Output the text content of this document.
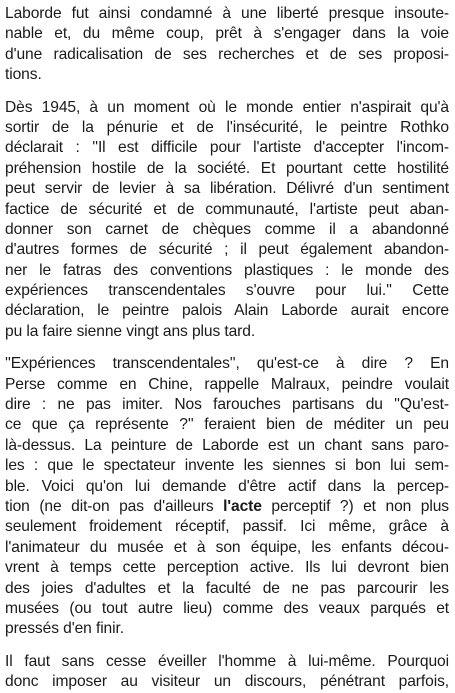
Laborde fut ainsi condamné à une liberté presque insoute-
nable et, du même coup, prêt à s'engager dans la voie
d'une radicalisation de ses recherches et de ses proposi-
tions.

Dès 1945, à un moment où le monde entier n'aspirait qu'à
sortir de la pénurie et de l'insécurité, le peintre Rothko
déclarait : ''Il est difficile pour l'artiste d'accepter l'incom-
préhension hostile de la société. Et pourtant cette hostilité
peut servir de levier à sa libération. Délivré d'un sentiment
factice de sécurité et de communauté, l'artiste peut aban-
donner son carnet de chèques comme il a abandonné
d'autres formes de sécurité ; il peut également abandon-
ner le fatras des conventions plastiques : le monde des
expériences transcendentales s'ouvre pour lui.'' Cette
déclaration, le peintre palois Alain Laborde aurait encore
pu la faire sienne vingt ans plus tard.

''Expériences transcendentales'', qu'est-ce à dire ? En
Perse comme en Chine, rappelle Malraux, peindre voulait
dire : ne pas imiter. Nos farouches partisans du ''Qu'est-
ce que ça représente ?'' feraient bien de méditer un peu
là-dessus. La peinture de Laborde est un chant sans paro-
les : que le spectateur invente les siennes si bon lui sem-
ble. Voici qu'on lui demande d'être actif dans la percep-
tion (ne dit-on pas d'ailleurs l'acte perceptif ?) et non plus
seulement froidement réceptif, passif. Ici même, grâce à
l'animateur du musée et à son équipe, les enfants décou-
vrent à temps cette perception active. Ils lui devront bien
des joies d'adultes et la faculté de ne pas parcourir les
musées (ou tout autre lieu) comme des veaux parqués et
pressés d'en finir.

Il faut sans cesse éveiller l'homme à lui-même. Pourquoi
donc imposer au visiteur un discours, pénétrant parfois,
